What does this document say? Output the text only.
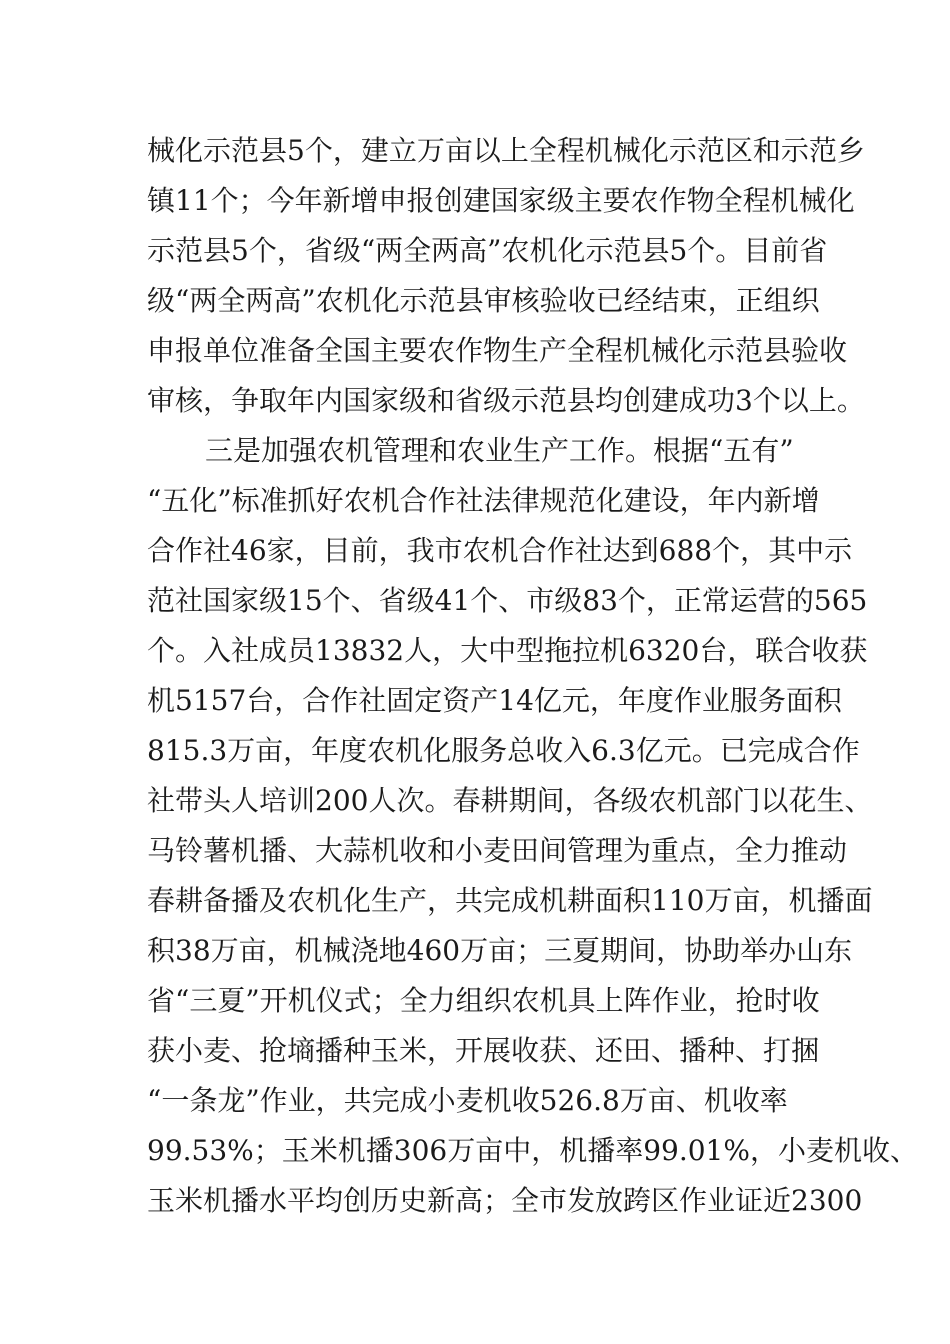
械化示范县5个，建立万亩以上全程机械化示范区和示范乡
镇11个；今年新增申报创建国家级主要农作物全程机械化
示范县5个，省级“两全两高”农机化示范县5个。目前省
级“两全两高”农机化示范县审核验收已经结束，正组织
申报单位准备全国主要农作物生产全程机械化示范县验收
审核，争取年内国家级和省级示范县均创建成功3个以上。
三是加强农机管理和农业生产工作。根据“五有”
“五化”标准抓好农机合作社法律规范化建设，年内新增
合作社46家，目前，我市农机合作社达到688个，其中示
范社国家级15个、省级41个、市级83个，正常运营的565
个。入社成员13832人，大中型拖拉机6320台，联合收获
机5157台，合作社固定资产14亿元，年度作业服务面积
815.3万亩，年度农机化服务总收入6.3亿元。已完成合作
社带头人培训200人次。春耕期间，各级农机部门以花生、
马铃薯机播、大蒜机收和小麦田间管理为重点，全力推动
春耕备播及农机化生产，共完成机耕面积110万亩，机播面
积38万亩，机械浇地460万亩；三夏期间，协助举办山东
省“三夏”开机仪式；全力组织农机具上阵作业，抢时收
获小麦、抢墒播种玉米，开展收获、还田、播种、打捆
“一条龙”作业，共完成小麦机收526.8万亩、机收率
99.53%；玉米机播306万亩中，机播率99.01%，小麦机收、
玉米机播水平均创历史新高；全市发放跨区作业证近2300
